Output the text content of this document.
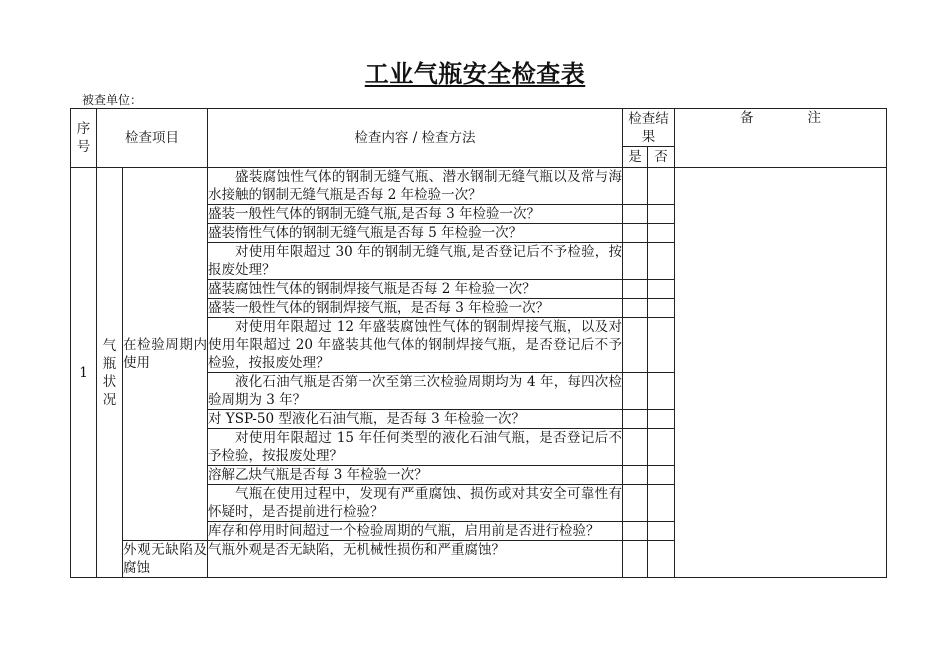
工业气瓶安全检查表
被查单位：
序号	检查项目		检查内容 / 检查方法	检查结果		备　　　　注
				是	否	
1	气瓶状况	在检验周期内使用	盛装腐蚀性气体的钢制无缝气瓶、潜水钢制无缝气瓶以及常与海水接触的钢制无缝气瓶是否每 2 年检验一次？			
			盛装一般性气体的钢制无缝气瓶,是否每 3 年检验一次？			
			盛装惰性气体的钢制无缝气瓶是否每 5 年检验一次？			
			对使用年限超过 30 年的钢制无缝气瓶,是否登记后不予检验，按报废处理？			
			盛装腐蚀性气体的钢制焊接气瓶是否每 2 年检验一次？			
			盛装一般性气体的钢制焊接气瓶，是否每 3 年检验一次？			
			对使用年限超过 12 年盛装腐蚀性气体的钢制焊接气瓶，以及对使用年限超过 20 年盛装其他气体的钢制焊接气瓶，是否登记后不予检验，按报废处理？			
			液化石油气瓶是否第一次至第三次检验周期均为 4 年，每四次检验周期为 3 年？			
			对 YSP-50 型液化石油气瓶，是否每 3 年检验一次？			
			对使用年限超过 15 年任何类型的液化石油气瓶，是否登记后不予检验，按报废处理？			
			溶解乙炔气瓶是否每 3 年检验一次？			
			气瓶在使用过程中，发现有严重腐蚀、损伤或对其安全可靠性有怀疑时，是否提前进行检验？			
			库存和停用时间超过一个检验周期的气瓶，启用前是否进行检验？			
		外观无缺陷及腐蚀	气瓶外观是否无缺陷，无机械性损伤和严重腐蚀？			
